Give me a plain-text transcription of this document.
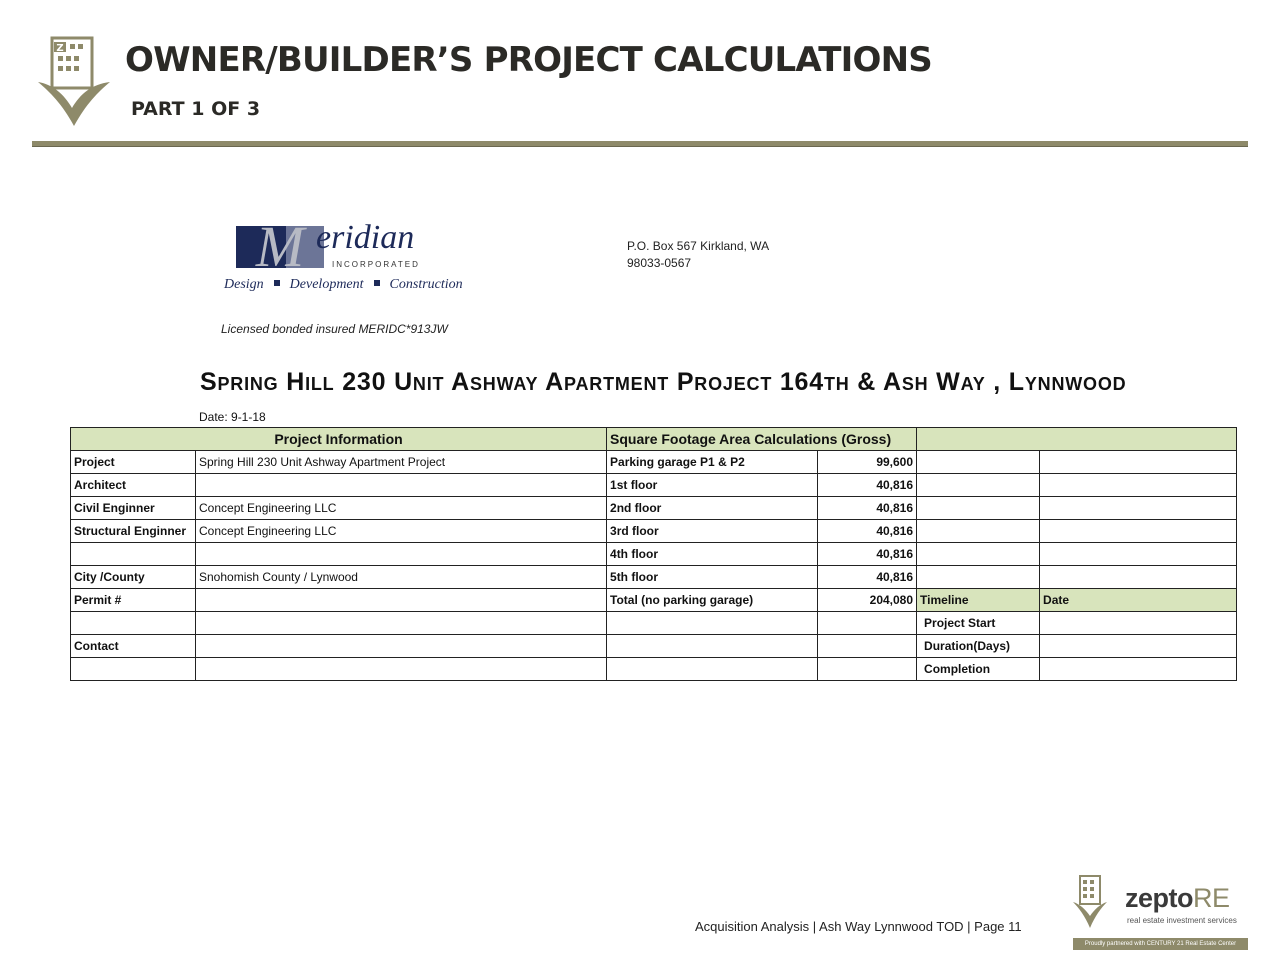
Z OWNER/BUILDER’S PROJECT CALCULATIONS
PART 1 OF 3
M eridian
INCORPORATED
Design Development Construction
P.O. Box 567 Kirkland, WA
98033-0567
Licensed bonded insured MERIDC*913JW
Spring Hill 230 Unit Ashway Apartment Project 164th & Ash Way , Lynnwood
Date: 9-1-18
Project Information		Square Footage Area Calculations (Gross)			
Project	Spring Hill 230 Unit Ashway Apartment Project	Parking garage P1 & P2	99,600		
Architect		1st floor	40,816		
Civil Enginner	Concept Engineering LLC	2nd floor	40,816		
Structural Enginner	Concept Engineering LLC	3rd floor	40,816		
		4th floor	40,816		
City /County	Snohomish County / Lynwood	5th floor	40,816		
Permit #		Total (no parking garage)	204,080	Timeline	Date
				Project Start	
Contact				Duration(Days)	
				Completion	
Acquisition Analysis | Ash Way Lynnwood TOD | Page 11
zeptoRE
real estate investment services
Proudly partnered with CENTURY 21 Real Estate Center
